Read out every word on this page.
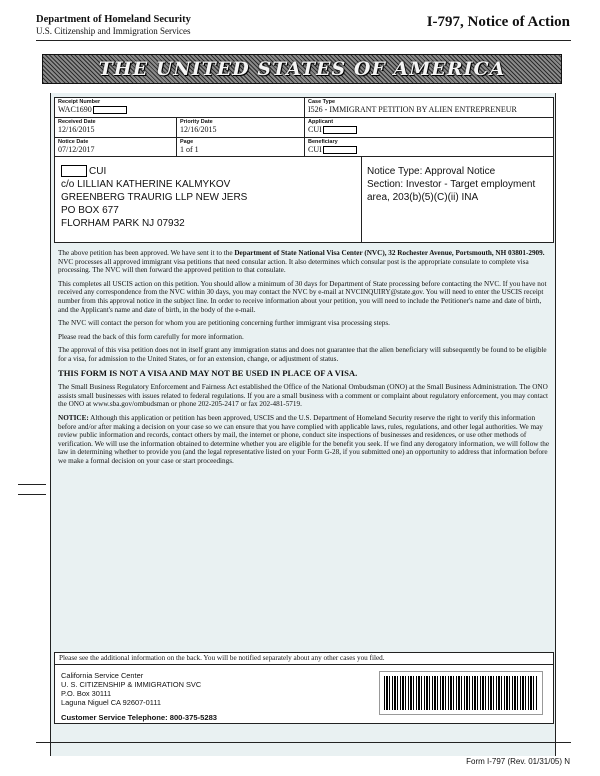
Department of Homeland Security
U.S. Citizenship and Immigration Services
I-797, Notice of Action
THE UNITED STATES OF AMERICA
Receipt Number
WAC1690
Case Type
I526 - IMMIGRANT PETITION BY ALIEN ENTREPRENEUR
Received Date
12/16/2015
Priority Date
12/16/2015
Applicant
CUI
Notice Date
07/12/2017
Page
1 of 1
Beneficiary
CUI
CUI
c/o LILLIAN KATHERINE KALMYKOV
GREENBERG TRAURIG LLP NEW JERS
PO BOX 677
FLORHAM PARK NJ 07932
Notice Type: Approval Notice
Section: Investor - Target employment area, 203(b)(5)(C)(ii) INA

The above petition has been approved. We have sent it to the Department of State National Visa Center (NVC), 32 Rochester Avenue, Portsmouth, NH 03801-2909. NVC processes all approved immigrant visa petitions that need consular action. It also determines which consular post is the appropriate consulate to complete visa processing. The NVC will then forward the approved petition to that consulate.

This completes all USCIS action on this petition. You should allow a minimum of 30 days for Department of State processing before contacting the NVC. If you have not received any correspondence from the NVC within 30 days, you may contact the NVC by e-mail at NVCINQUIRY@state.gov. You will need to enter the USCIS receipt number from this approval notice in the subject line. In order to receive information about your petition, you will need to include the Petitioner's name and date of birth, and the Applicant's name and date of birth, in the body of the e-mail.

The NVC will contact the person for whom you are petitioning concerning further immigrant visa processing steps.

Please read the back of this form carefully for more information.

The approval of this visa petition does not in itself grant any immigration status and does not guarantee that the alien beneficiary will subsequently be found to be eligible for a visa, for admission to the United States, or for an extension, change, or adjustment of status.

THIS FORM IS NOT A VISA AND MAY NOT BE USED IN PLACE OF A VISA.

The Small Business Regulatory Enforcement and Fairness Act established the Office of the National Ombudsman (ONO) at the Small Business Administration. The ONO assists small businesses with issues related to federal regulations. If you are a small business with a comment or complaint about regulatory enforcement, you may contact the ONO at www.sba.gov/ombudsman or phone 202-205-2417 or fax 202-481-5719.

NOTICE: Although this application or petition has been approved, USCIS and the U.S. Department of Homeland Security reserve the right to verify this information before and/or after making a decision on your case so we can ensure that you have complied with applicable laws, rules, regulations, and other legal authorities. We may review public information and records, contact others by mail, the internet or phone, conduct site inspections of businesses and residences, or use other methods of verification. We will use the information obtained to determine whether you are eligible for the benefit you seek. If we find any derogatory information, we will follow the law in determining whether to provide you (and the legal representative listed on your Form G-28, if you submitted one) an opportunity to address that information before we make a formal decision on your case or start proceedings.

Please see the additional information on the back. You will be notified separately about any other cases you filed.
California Service Center
U. S. CITIZENSHIP & IMMIGRATION SVC
P.O. Box 30111
Laguna Niguel CA 92607-0111
Customer Service Telephone: 800-375-5283
Form I-797 (Rev. 01/31/05) N
